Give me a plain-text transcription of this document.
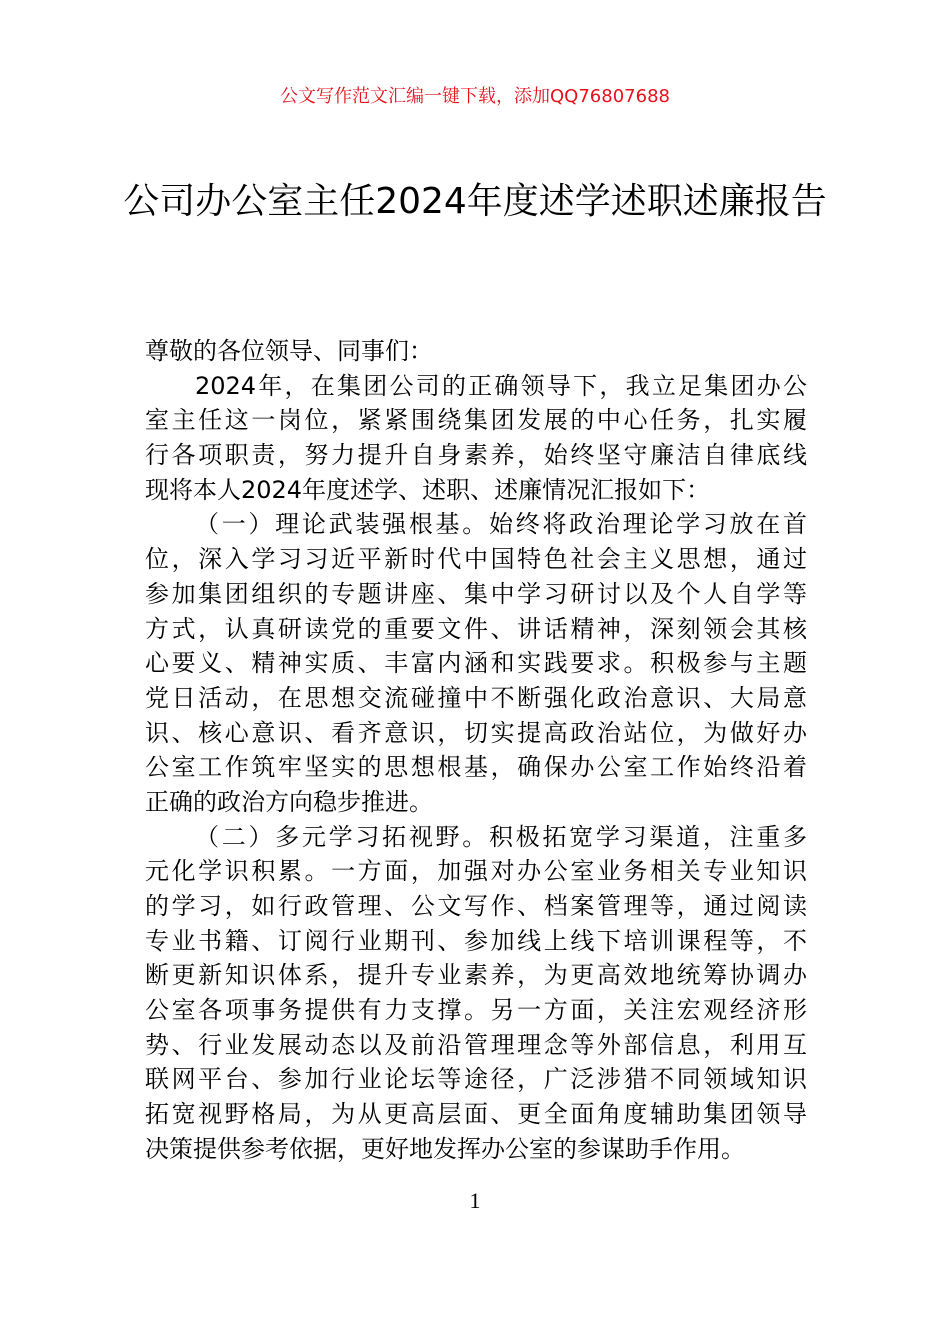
公文写作范文汇编一键下载，添加QQ76807688
公司办公室主任2024年度述学述职述廉报告
尊敬的各位领导、同事们：
2024年，在集团公司的正确领导下，我立足集团办公
室主任这一岗位，紧紧围绕集团发展的中心任务，扎实履
行各项职责，努力提升自身素养，始终坚守廉洁自律底线
现将本人2024年度述学、述职、述廉情况汇报如下：
（一）理论武装强根基。始终将政治理论学习放在首
位，深入学习习近平新时代中国特色社会主义思想，通过
参加集团组织的专题讲座、集中学习研讨以及个人自学等
方式，认真研读党的重要文件、讲话精神，深刻领会其核
心要义、精神实质、丰富内涵和实践要求。积极参与主题
党日活动，在思想交流碰撞中不断强化政治意识、大局意
识、核心意识、看齐意识，切实提高政治站位，为做好办
公室工作筑牢坚实的思想根基，确保办公室工作始终沿着
正确的政治方向稳步推进。
（二）多元学习拓视野。积极拓宽学习渠道，注重多
元化学识积累。一方面，加强对办公室业务相关专业知识
的学习，如行政管理、公文写作、档案管理等，通过阅读
专业书籍、订阅行业期刊、参加线上线下培训课程等，不
断更新知识体系，提升专业素养，为更高效地统筹协调办
公室各项事务提供有力支撑。另一方面，关注宏观经济形
势、行业发展动态以及前沿管理理念等外部信息，利用互
联网平台、参加行业论坛等途径，广泛涉猎不同领域知识
拓宽视野格局，为从更高层面、更全面角度辅助集团领导
决策提供参考依据，更好地发挥办公室的参谋助手作用。
1
